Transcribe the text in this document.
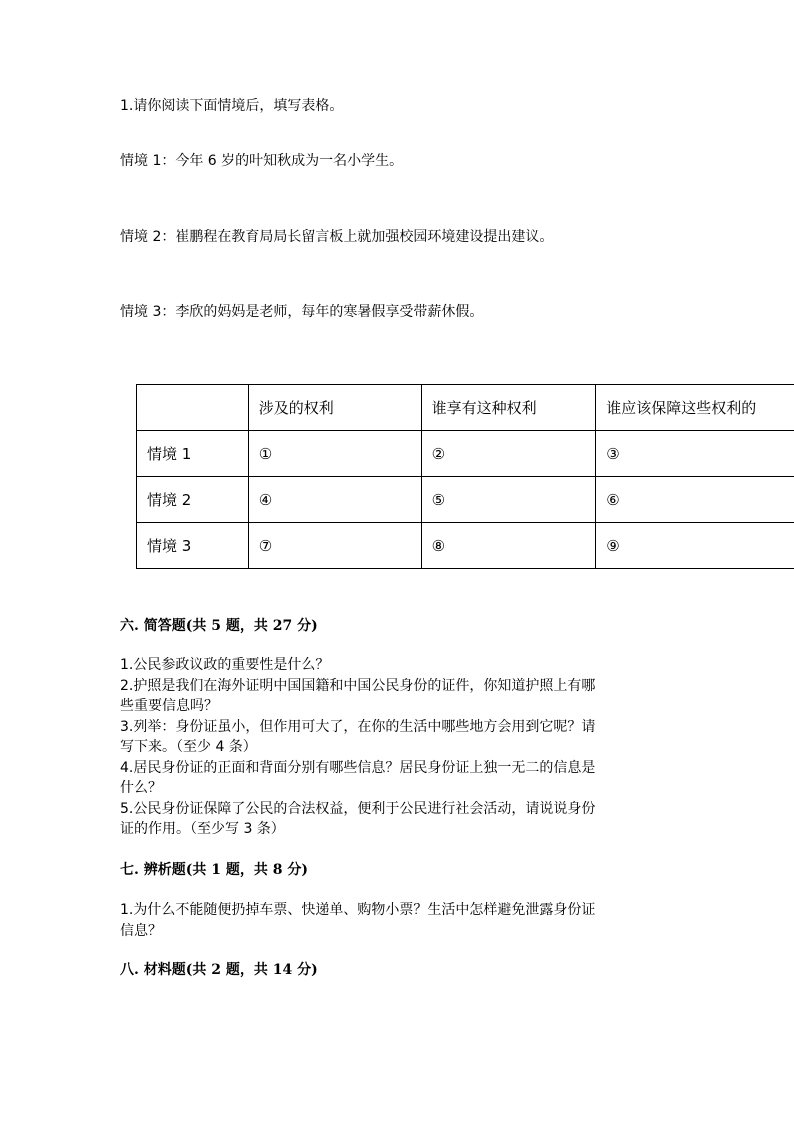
1.请你阅读下面情境后，填写表格。
情境 1：今年 6 岁的叶知秋成为一名小学生。
情境 2：崔鹏程在教育局局长留言板上就加强校园环境建设提出建议。
情境 3：李欣的妈妈是老师，每年的寒暑假享受带薪休假。
	涉及的权利	谁享有这种权利	谁应该保障这些权利的
情境 1	①	②	③
情境 2	④	⑤	⑥
情境 3	⑦	⑧	⑨
六. 简答题(共 5 题，共 27 分)
1.公民参政议政的重要性是什么？
2.护照是我们在海外证明中国国籍和中国公民身份的证件，你知道护照上有哪
些重要信息吗？
3.列举：身份证虽小，但作用可大了，在你的生活中哪些地方会用到它呢？请
写下来。（至少 4 条）
4.居民身份证的正面和背面分别有哪些信息？居民身份证上独一无二的信息是
什么？
5.公民身份证保障了公民的合法权益，便利于公民进行社会活动，请说说身份
证的作用。（至少写 3 条）
七. 辨析题(共 1 题，共 8 分)
1.为什么不能随便扔掉车票、快递单、购物小票？生活中怎样避免泄露身份证
信息？
八. 材料题(共 2 题，共 14 分)
